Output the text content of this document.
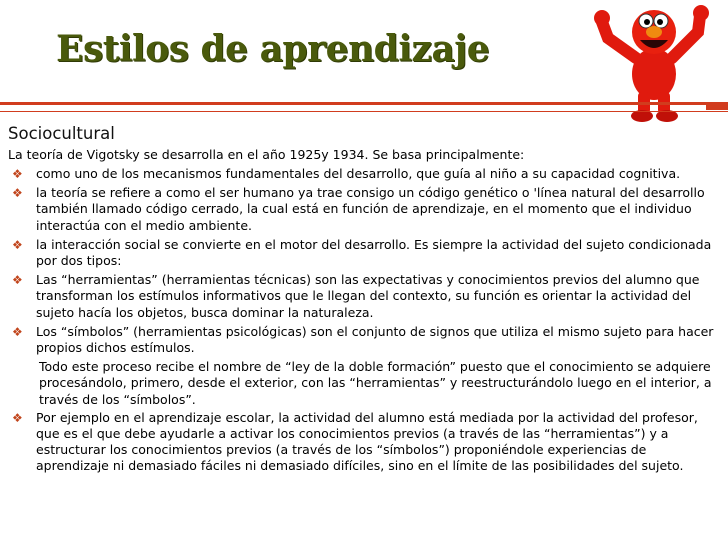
Estilos de aprendizaje
Sociocultural
La teoría de Vigotsky se desarrolla en el año 1925y 1934. Se basa principalmente:
❖ como uno de los mecanismos fundamentales del desarrollo, que guía al niño a su capacidad cognitiva.
❖ la teoría se refiere a como el ser humano ya trae consigo un código genético o 'línea natural del desarrollo también llamado código cerrado, la cual está en función de aprendizaje, en el momento que el individuo interactúa con el medio ambiente.
❖ la interacción social se convierte en el motor del desarrollo. Es siempre la actividad del sujeto condicionada por dos tipos:
❖ Las “herramientas” (herramientas técnicas) son las expectativas y conocimientos previos del alumno que transforman los estímulos informativos que le llegan del contexto, su función es orientar la actividad del sujeto hacía los objetos, busca dominar la naturaleza.
❖ Los “símbolos” (herramientas psicológicas) son el conjunto de signos que utiliza el mismo sujeto para hacer propios dichos estímulos.
Todo este proceso recibe el nombre de “ley de la doble formación” puesto que el conocimiento se adquiere procesándolo, primero, desde el exterior, con las “herramientas” y reestructurándolo luego en el interior, a través de los “símbolos”.
❖ Por ejemplo en el aprendizaje escolar, la actividad del alumno está mediada por la actividad del profesor, que es el que debe ayudarle a activar los conocimientos previos (a través de las “herramientas”) y a estructurar los conocimientos previos (a través de los “símbolos”) proponiéndole experiencias de aprendizaje ni demasiado fáciles ni demasiado difíciles, sino en el límite de las posibilidades del sujeto.
